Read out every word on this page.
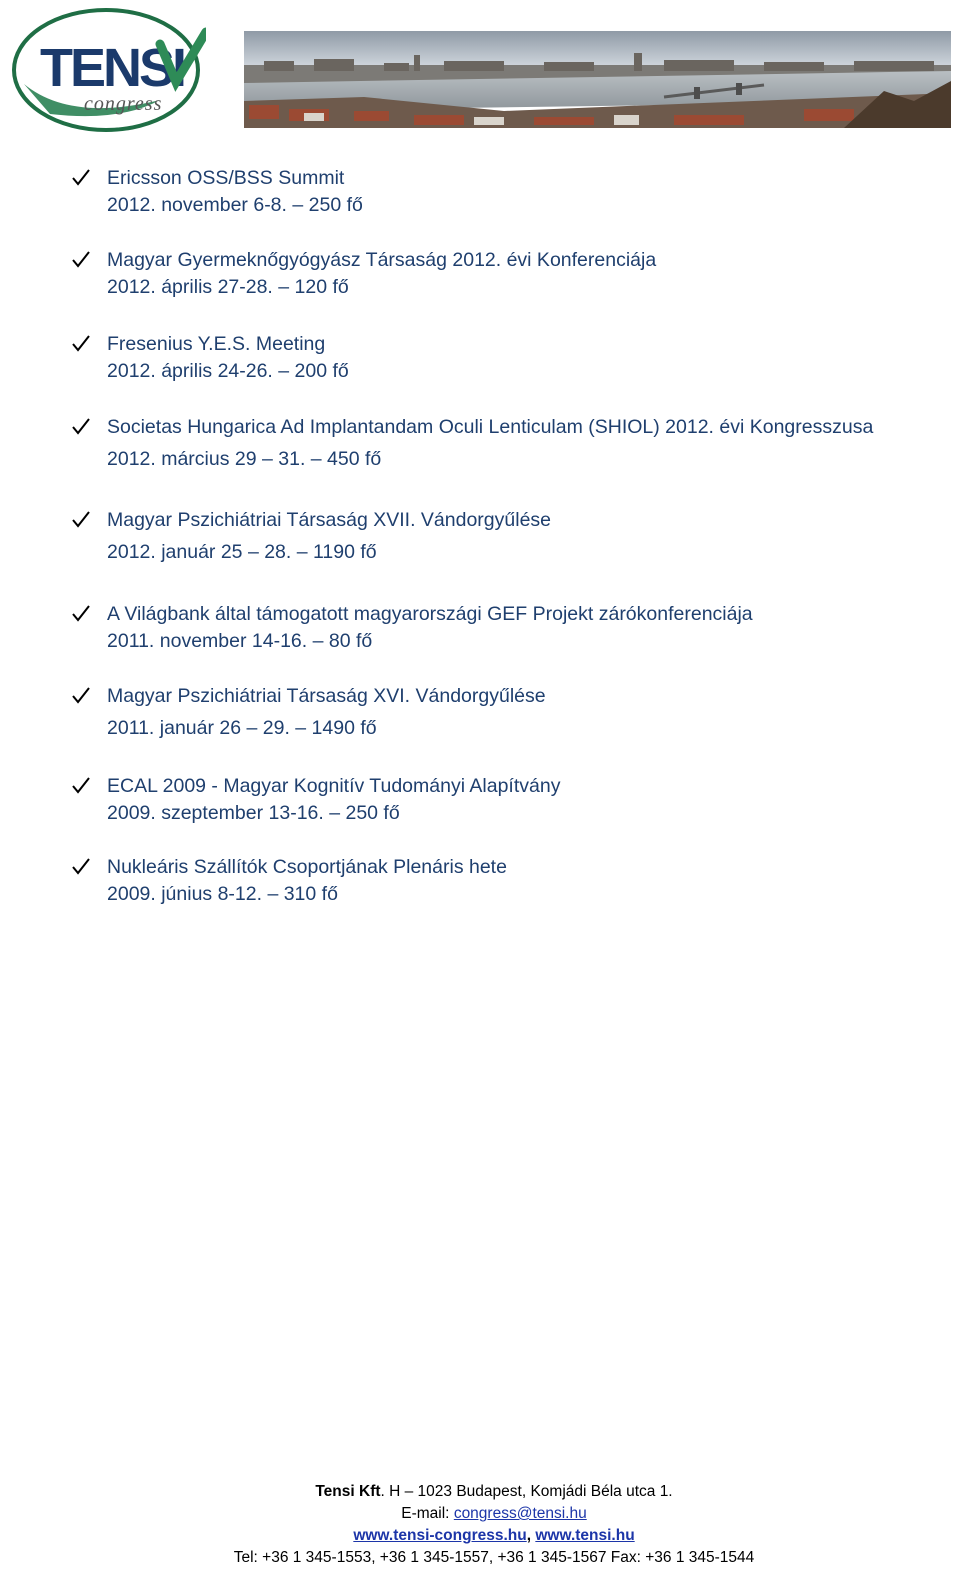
TENSI
congress
Ericsson OSS/BSS Summit
2012. november 6-8. – 250 fő
Magyar Gyermeknőgyógyász Társaság 2012. évi Konferenciája
2012. április 27-28. – 120 fő
Fresenius Y.E.S. Meeting
2012. április 24-26. – 200 fő
Societas Hungarica Ad Implantandam Oculi Lenticulam (SHIOL) 2012. évi Kongresszusa
2012. március 29 – 31. – 450 fő
Magyar Pszichiátriai Társaság XVII. Vándorgyűlése
2012. január 25 – 28. – 1190 fő
A Világbank által támogatott magyarországi GEF Projekt zárókonferenciája
2011. november 14-16. – 80 fő
Magyar Pszichiátriai Társaság XVI. Vándorgyűlése
2011. január 26 – 29. – 1490 fő
ECAL 2009 - Magyar Kognitív Tudományi Alapítvány
2009. szeptember 13-16. – 250 fő
Nukleáris Szállítók Csoportjának Plenáris hete
2009. június 8-12. – 310 fő
Tensi Kft. H – 1023 Budapest, Komjádi Béla utca 1.
E-mail: congress@tensi.hu
www.tensi-congress.hu, www.tensi.hu
Tel: +36 1 345-1553, +36 1 345-1557, +36 1 345-1567 Fax: +36 1 345-1544
